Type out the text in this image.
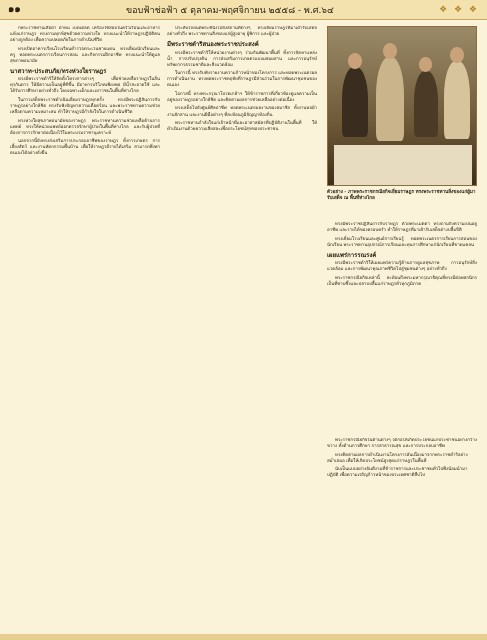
๑๑	ขอบฟ้าช่อฟ้า ๕ ตุลาคม-พฤศจิกายน ๒๕๕๘ - พ.ศ.๖๔	❖ ❖ ❖

ก็พระราชทานเสื้อผ้า ผ้าห่ม เบ็ดเตล็ด เครื่องใช้สอยในครัวเรือนและอาหารแห้งแก่ราษฎร ทรงถามทุกข์สุขด้วยความห่วงใย ทรงแนะนำให้ราษฎรปฏิบัติตนอย่างถูกต้อง เพื่อความปลอดภัยในการดำเนินชีวิต

ทรงเปิดอาคารเรียนโรงเรียนตำรวจตระเวนชายแดน ทรงเยี่ยมนักเรียนและครู ทอดพระเนตรการเรียนการสอน และกิจกรรมฝึกอาชีพ ทรงแนะนำให้ดูแลสุขภาพอนามัย

นาสวาท-ประสบภัย/ทรงห่วงใยราษฎร

ทรงมีพระราชดำริให้จัดตั้งโครงการต่างๆ เพื่อช่วยเหลือราษฎรในถิ่นทุรกันดาร ให้มีความเป็นอยู่ที่ดีขึ้น มีอาหารบริโภคเพียงพอ มีน้ำสะอาดใช้ และได้รับการศึกษาอย่างทั่วถึง โดยเฉพาะเด็กและเยาวชนในพื้นที่ห่างไกล

ในการเสด็จพระราชดำเนินเยี่ยมราษฎรทุกครั้ง ทรงมีพระปฏิสันถารกับราษฎรอย่างใกล้ชิด ทรงรับฟังปัญหาความเดือดร้อน และพระราชทานความช่วยเหลือตามความเหมาะสม ทำให้ราษฎรมีกำลังใจในการดำเนินชีวิต

ทรงห่วงใยสุขภาพอนามัยของราษฎร พระราชทานความช่วยเหลือด้านการแพทย์ ทรงให้หน่วยแพทย์ออกตรวจรักษาผู้ป่วยในพื้นที่ห่างไกล และรับผู้ป่วยที่ต้องการการรักษาต่อเนื่องไว้ในพระบรมราชานุเคราะห์

นอกจากนี้ยังทรงส่งเสริมการประกอบอาชีพของราษฎร ทั้งการเกษตร การเลี้ยงสัตว์ และงานหัตถกรรมพื้นบ้าน เพื่อให้ราษฎรมีรายได้เสริม สามารถพึ่งพาตนเองได้อย่างยั่งยืน

ประทับรถยนต์พระที่นั่งไปยังสถานที่ต่างๆ ทรงเยี่ยมราษฎรที่มาเฝ้ารับเสด็จอย่างทั่วถึง พระราชทานสิ่งของแก่ผู้สูงอายุ ผู้พิการ และผู้ป่วย

มีพระราชดำริสนองพระราชประสงค์

ทรงมีพระราชดำริให้หน่วยงานต่างๆ ร่วมกันพัฒนาพื้นที่ ทั้งการจัดหาแหล่งน้ำ การปรับปรุงดิน การส่งเสริมการเกษตรแบบผสมผสาน และการอนุรักษ์ทรัพยากรธรรมชาติและสิ่งแวดล้อม

ในการนี้ ทรงรับฟังรายงานความก้าวหน้าของโครงการ และทอดพระเนตรผลการดำเนินงาน ทรงพอพระราชหฤทัยที่ราษฎรมีส่วนร่วมในการพัฒนาชุมชนของตนเอง

โอกาสนี้ ทรงพระกรุณาโปรดเกล้าฯ ให้ข้าราชการที่เกี่ยวข้องดูแลความเป็นอยู่ของราษฎรอย่างใกล้ชิด และติดตามผลการช่วยเหลืออย่างต่อเนื่อง

ทรงเสด็จไปยังศูนย์ศิลปาชีพ ทอดพระเนตรผลงานของสมาชิก ทั้งงานทอผ้า งานจักสาน และงานฝีมือต่างๆ ที่สะท้อนภูมิปัญญาท้องถิ่น

พระราชทานกำลังใจแก่เจ้าหน้าที่และอาสาสมัครที่ปฏิบัติงานในพื้นที่ ให้ดำเนินงานด้วยความเสียสละเพื่อประโยชน์สุขของประชาชน

ตัวอย่าง - ภาพพระราชกรณียกิจเยี่ยมราษฎร ทรงพระราชทานสิ่งของแก่ผู้มารับเสด็จ ณ พื้นที่ห่างไกล

ทรงมีพระราชปฏิสันถารกับราษฎร ด้วยพระเมตตา ทรงถามถึงความเป็นอยู่ อาชีพ และรายได้ของครอบครัว ทำให้ราษฎรที่มาเฝ้ารับเสด็จต่างปลื้มปีติ

ทรงเยี่ยมโรงเรียนและศูนย์การเรียนรู้ ทอดพระเนตรการเรียนการสอนของนักเรียน พระราชทานอุปกรณ์การเรียนและทุนการศึกษาแก่นักเรียนที่ขาดแคลน

เผยแพร่การรณรงค์

ทรงมีพระราชดำริให้เผยแพร่ความรู้ด้านการดูแลสุขภาพ การอนุรักษ์สิ่งแวดล้อม และการพัฒนาคุณภาพชีวิตไปสู่ชุมชนต่างๆ อย่างทั่วถึง

พระราชกรณียกิจเหล่านี้ สะท้อนถึงพระมหากรุณาธิคุณที่ทรงมีต่อพสกนิกร เป็นที่ซาบซึ้งและปลาบปลื้มแก่ราษฎรทั่วทุกภูมิภาค

พระราชกรณียกิจในด้านต่างๆ ได้ก่อให้เกิดประโยชน์แก่ประชาชนอย่างกว้างขวาง ทั้งด้านการศึกษา การสาธารณสุข และการประกอบอาชีพ

ทรงติดตามผลการดำเนินงานโครงการอันเนื่องมาจากพระราชดำริอย่างสม่ำเสมอ เพื่อให้เกิดประโยชน์สูงสุดแก่ราษฎรในพื้นที่

นับเป็นแบบอย่างอันดีงามที่ข้าราชการและประชาชนทั่วไปพึงน้อมนำมาปฏิบัติ เพื่อความเจริญก้าวหน้าของประเทศชาติสืบไป
